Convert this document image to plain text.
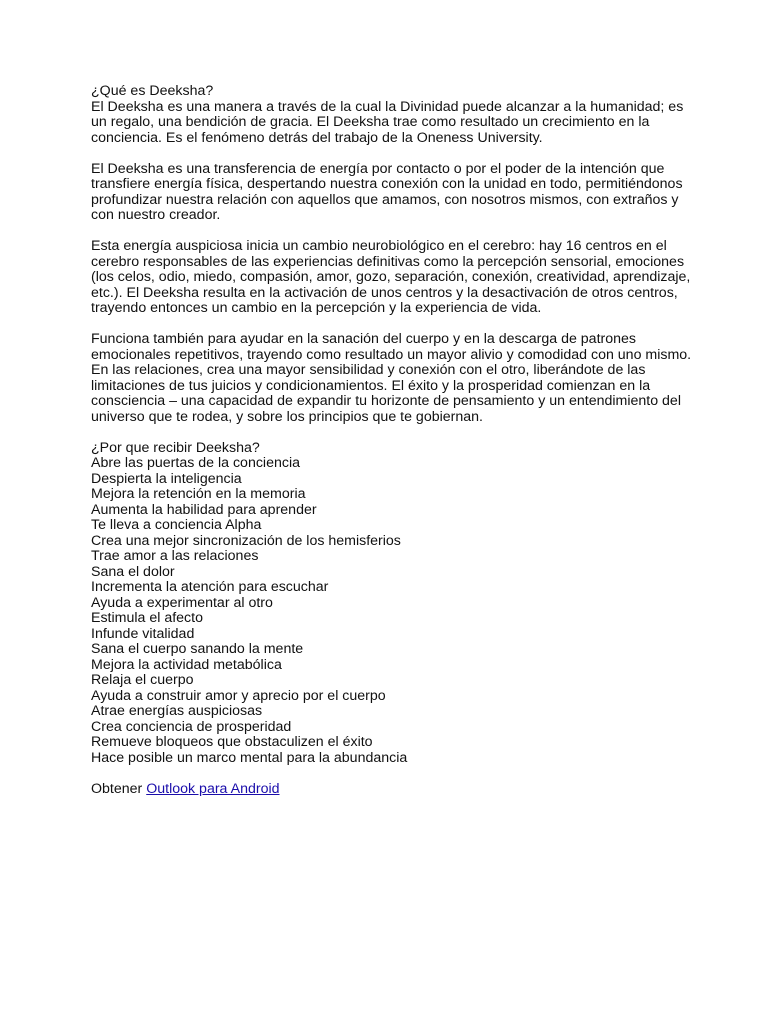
¿Qué es Deeksha?
El Deeksha es una manera a través de la cual la Divinidad puede alcanzar a la humanidad; es
un regalo, una bendición de gracia. El Deeksha trae como resultado un crecimiento en la
conciencia. Es el fenómeno detrás del trabajo de la Oneness University.
El Deeksha es una transferencia de energía por contacto o por el poder de la intención que
transfiere energía física, despertando nuestra conexión con la unidad en todo, permitiéndonos
profundizar nuestra relación con aquellos que amamos, con nosotros mismos, con extraños y
con nuestro creador.
Esta energía auspiciosa inicia un cambio neurobiológico en el cerebro: hay 16 centros en el
cerebro responsables de las experiencias definitivas como la percepción sensorial, emociones
(los celos, odio, miedo, compasión, amor, gozo, separación, conexión, creatividad, aprendizaje,
etc.). El Deeksha resulta en la activación de unos centros y la desactivación de otros centros,
trayendo entonces un cambio en la percepción y la experiencia de vida.
Funciona también para ayudar en la sanación del cuerpo y en la descarga de patrones
emocionales repetitivos, trayendo como resultado un mayor alivio y comodidad con uno mismo.
En las relaciones, crea una mayor sensibilidad y conexión con el otro, liberándote de las
limitaciones de tus juicios y condicionamientos. El éxito y la prosperidad comienzan en la
consciencia – una capacidad de expandir tu horizonte de pensamiento y un entendimiento del
universo que te rodea, y sobre los principios que te gobiernan.
¿Por que recibir Deeksha?
Abre las puertas de la conciencia
Despierta la inteligencia
Mejora la retención en la memoria
Aumenta la habilidad para aprender
Te lleva a conciencia Alpha
Crea una mejor sincronización de los hemisferios
Trae amor a las relaciones
Sana el dolor
Incrementa la atención para escuchar
Ayuda a experimentar al otro
Estimula el afecto
Infunde vitalidad
Sana el cuerpo sanando la mente
Mejora la actividad metabólica
Relaja el cuerpo
Ayuda a construir amor y aprecio por el cuerpo
Atrae energías auspiciosas
Crea conciencia de prosperidad
Remueve bloqueos que obstaculizen el éxito
Hace posible un marco mental para la abundancia
Obtener Outlook para Android
